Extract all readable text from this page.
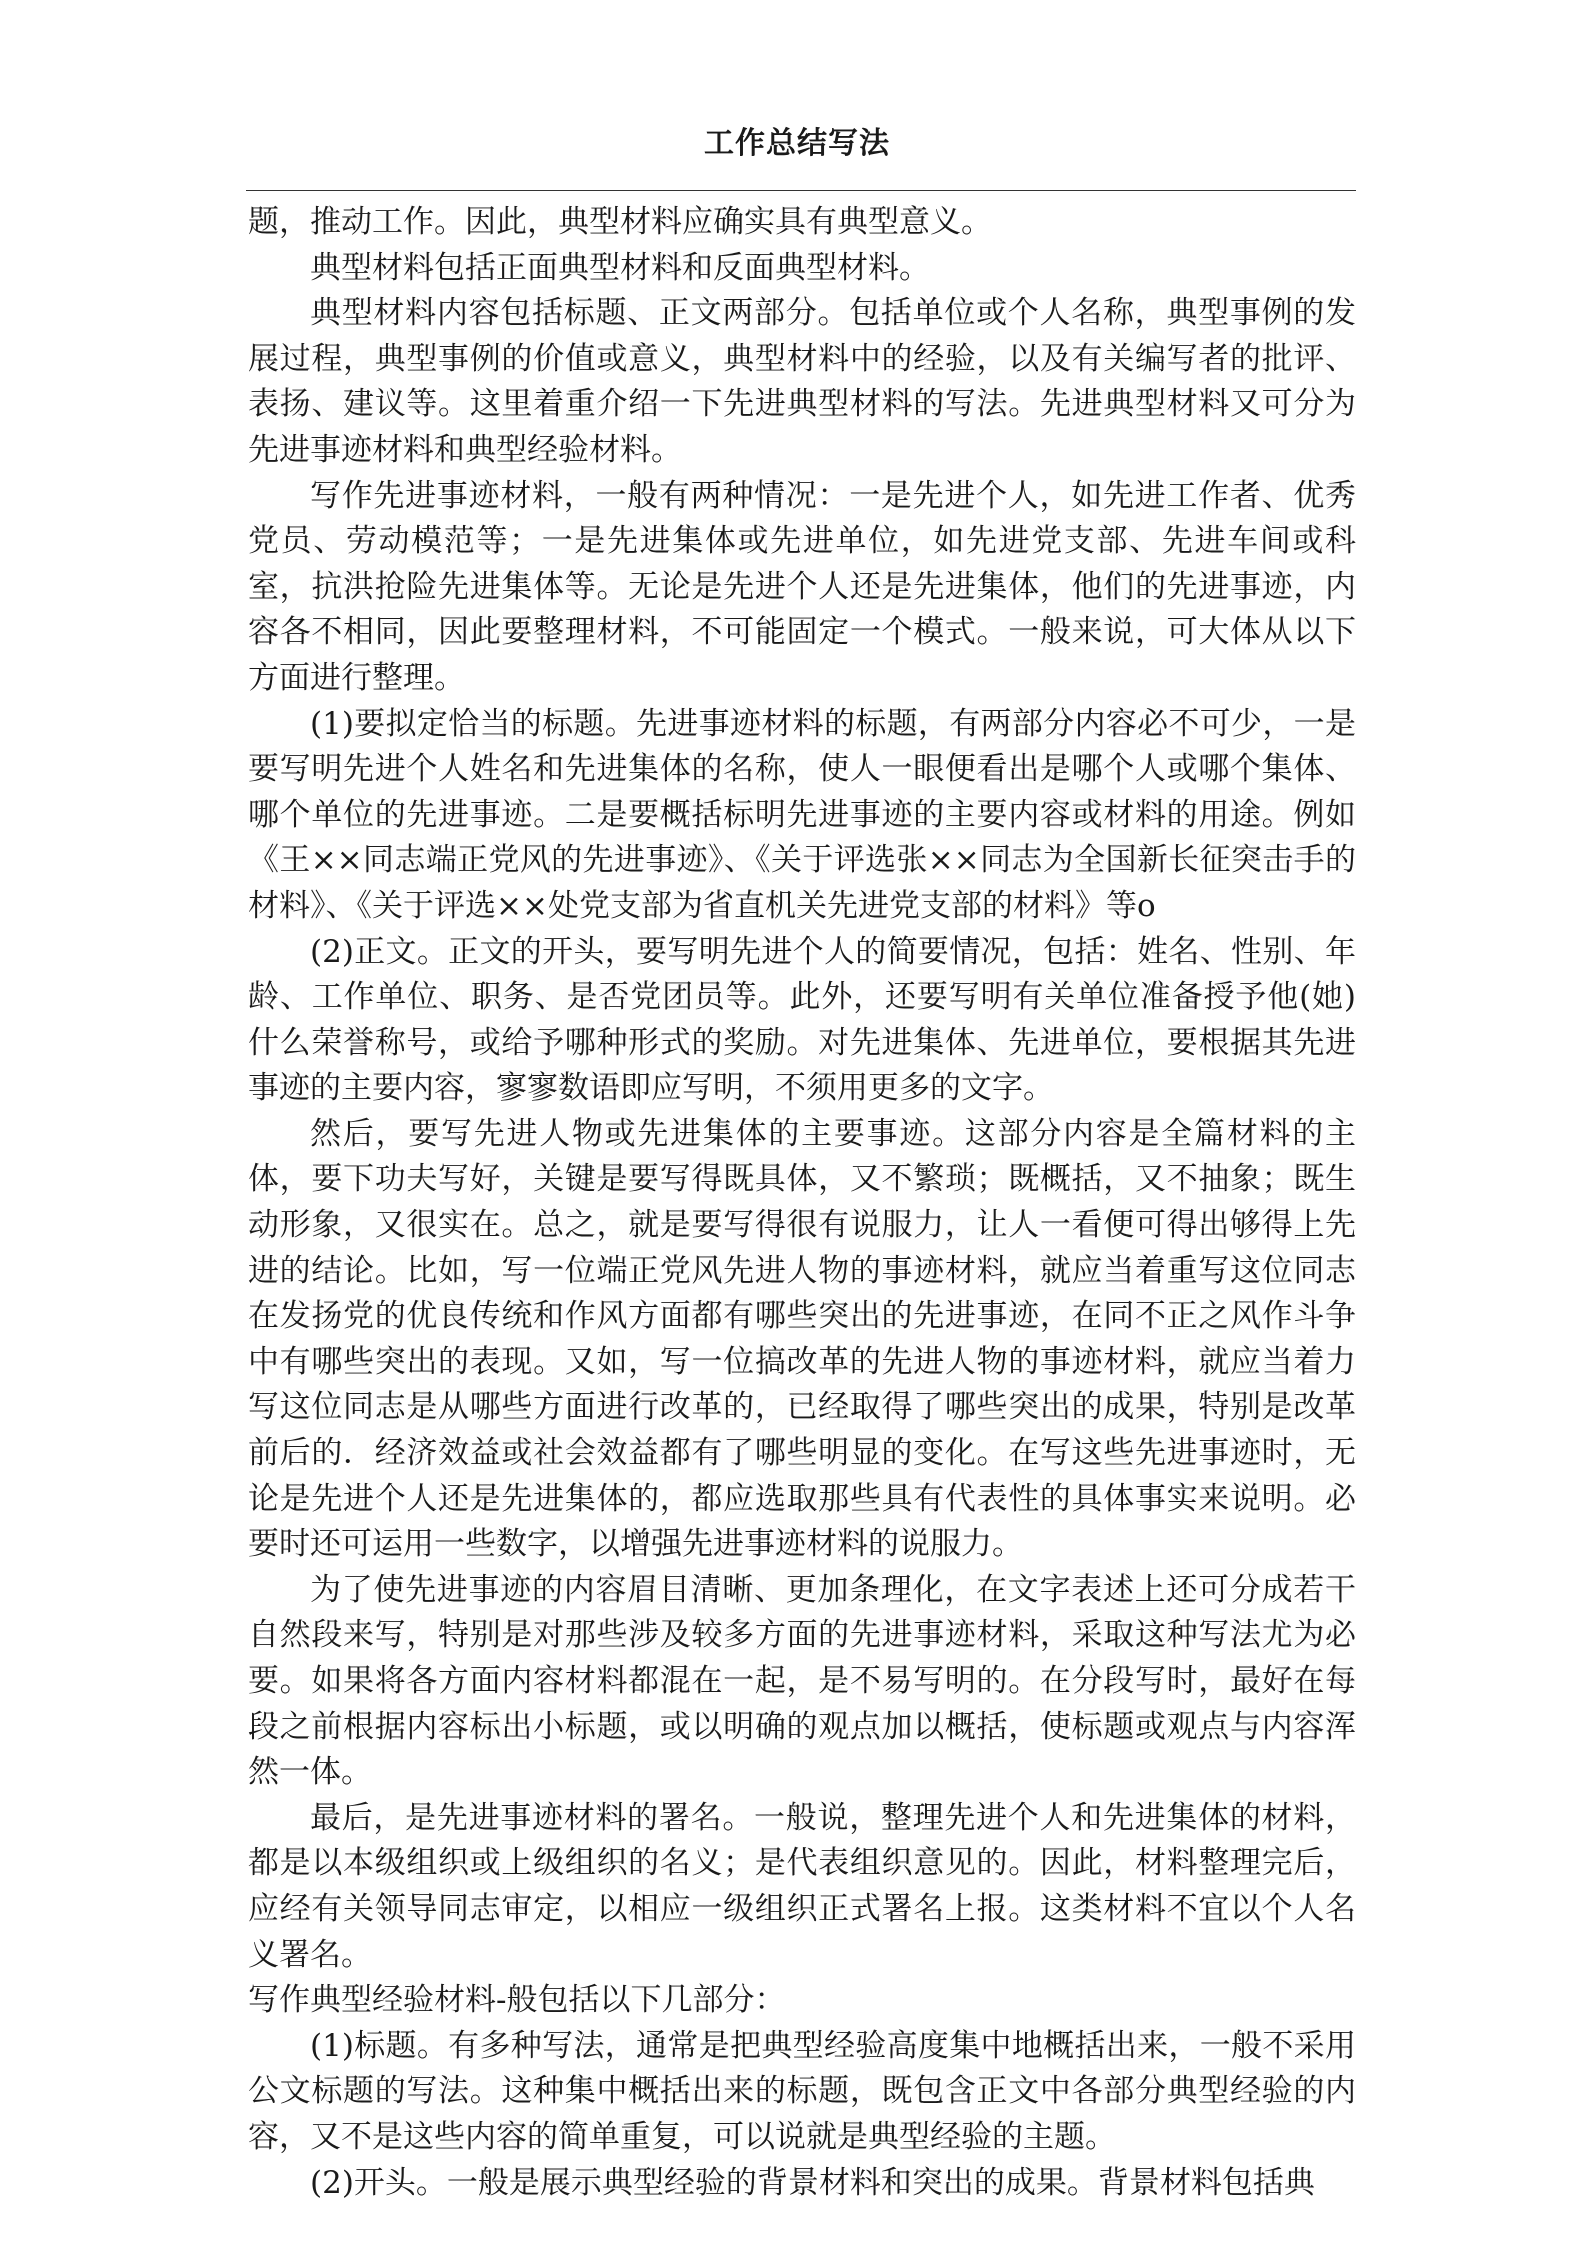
工作总结写法

题，推动工作。因此，典型材料应确实具有典型意义。

典型材料包括正面典型材料和反面典型材料。

典型材料内容包括标题、正文两部分。包括单位或个人名称，典型事例的发展过程，典型事例的价值或意义，典型材料中的经验，以及有关编写者的批评、表扬、建议等。这里着重介绍一下先进典型材料的写法。先进典型材料又可分为先进事迹材料和典型经验材料。

写作先进事迹材料，一般有两种情况：一是先进个人，如先进工作者、优秀党员、劳动模范等；一是先进集体或先进单位，如先进党支部、先进车间或科室，抗洪抢险先进集体等。无论是先进个人还是先进集体，他们的先进事迹，内容各不相同，因此要整理材料，不可能固定一个模式。一般来说，可大体从以下方面进行整理。

(1)要拟定恰当的标题。先进事迹材料的标题，有两部分内容必不可少，一是要写明先进个人姓名和先进集体的名称，使人一眼便看出是哪个人或哪个集体、哪个单位的先进事迹。二是要概括标明先进事迹的主要内容或材料的用途。例如《王××同志端正党风的先进事迹》、《关于评选张××同志为全国新长征突击手的材料》、《关于评选××处党支部为省直机关先进党支部的材料》等o

(2)正文。正文的开头，要写明先进个人的简要情况，包括：姓名、性别、年龄、工作单位、职务、是否党团员等。此外，还要写明有关单位准备授予他(她)什么荣誉称号，或给予哪种形式的奖励。对先进集体、先进单位，要根据其先进事迹的主要内容，寥寥数语即应写明，不须用更多的文字。

然后，要写先进人物或先进集体的主要事迹。这部分内容是全篇材料的主体，要下功夫写好，关键是要写得既具体，又不繁琐；既概括，又不抽象；既生动形象，又很实在。总之，就是要写得很有说服力，让人一看便可得出够得上先进的结论。比如，写一位端正党风先进人物的事迹材料，就应当着重写这位同志在发扬党的优良传统和作风方面都有哪些突出的先进事迹，在同不正之风作斗争中有哪些突出的表现。又如，写一位搞改革的先进人物的事迹材料，就应当着力写这位同志是从哪些方面进行改革的，已经取得了哪些突出的成果，特别是改革前后的．经济效益或社会效益都有了哪些明显的变化。在写这些先进事迹时，无论是先进个人还是先进集体的，都应选取那些具有代表性的具体事实来说明。必要时还可运用一些数字，以增强先进事迹材料的说服力。

为了使先进事迹的内容眉目清晰、更加条理化，在文字表述上还可分成若干自然段来写，特别是对那些涉及较多方面的先进事迹材料，采取这种写法尤为必要。如果将各方面内容材料都混在一起，是不易写明的。在分段写时，最好在每段之前根据内容标出小标题，或以明确的观点加以概括，使标题或观点与内容浑然一体。

最后，是先进事迹材料的署名。一般说，整理先进个人和先进集体的材料，都是以本级组织或上级组织的名义；是代表组织意见的。因此，材料整理完后，应经有关领导同志审定，以相应一级组织正式署名上报。这类材料不宜以个人名义署名。

写作典型经验材料-般包括以下几部分：

(1)标题。有多种写法，通常是把典型经验高度集中地概括出来，一般不采用公文标题的写法。这种集中概括出来的标题，既包含正文中各部分典型经验的内容，又不是这些内容的简单重复，可以说就是典型经验的主题。

(2)开头。一般是展示典型经验的背景材料和突出的成果。背景材料包括典
